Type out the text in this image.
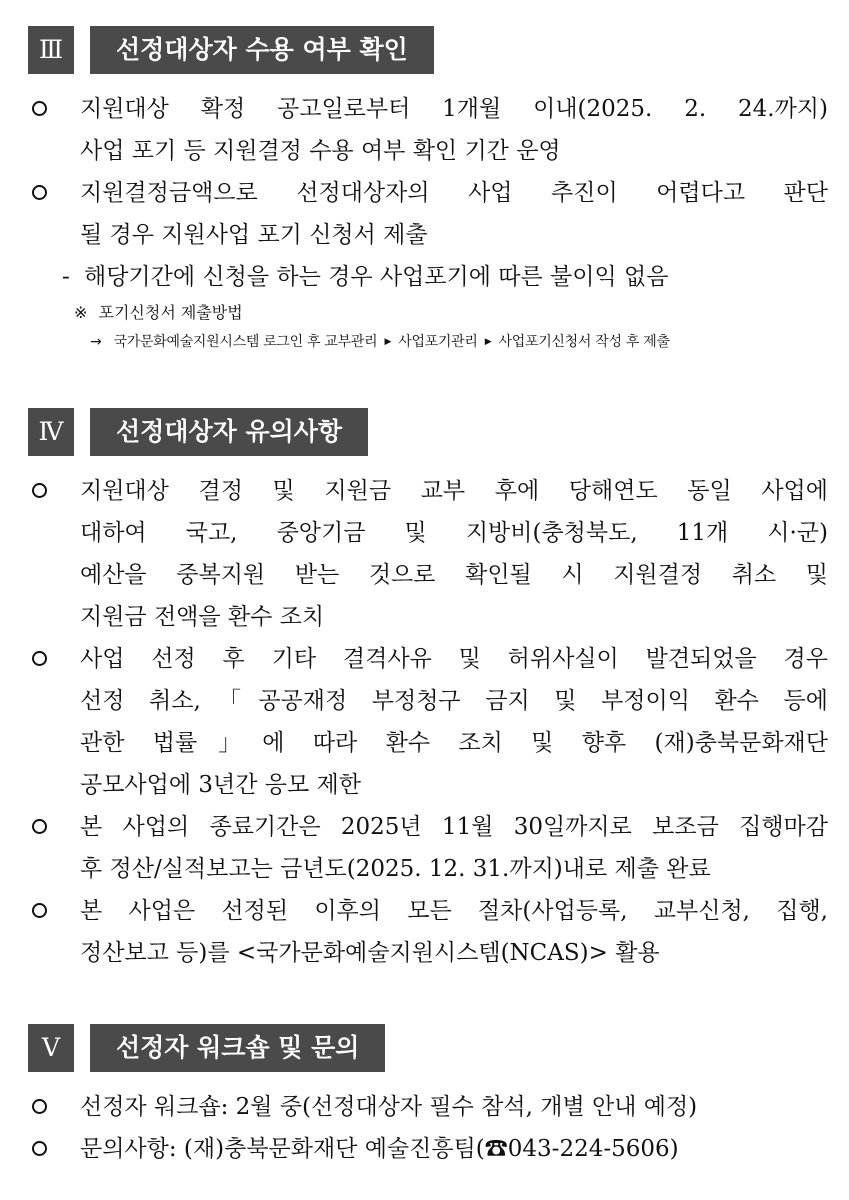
Ⅲ	선정대상자 수용 여부 확인
지원대상 확정 공고일로부터 1개월 이내(2025. 2. 24.까지)
사업 포기 등 지원결정 수용 여부 확인 기간 운영
지원결정금액으로 선정대상자의 사업 추진이 어렵다고 판단
될 경우 지원사업 포기 신청서 제출
- 해당기간에 신청을 하는 경우 사업포기에 따른 불이익 없음
※ 포기신청서 제출방법
→ 국가문화예술지원시스템 로그인 후 교부관리 ▶ 사업포기관리 ▶ 사업포기신청서 작성 후 제출
Ⅳ	선정대상자 유의사항
지원대상 결정 및 지원금 교부 후에 당해연도 동일 사업에
대하여 국고, 중앙기금 및 지방비(충청북도, 11개 시·군)
예산을 중복지원 받는 것으로 확인될 시 지원결정 취소 및
지원금 전액을 환수 조치
사업 선정 후 기타 결격사유 및 허위사실이 발견되었을 경우
선정 취소,「공공재정 부정청구 금지 및 부정이익 환수 등에
관한 법률」에 따라 환수 조치 및 향후 (재)충북문화재단
공모사업에 3년간 응모 제한
본 사업의 종료기간은 2025년 11월 30일까지로 보조금 집행마감
후 정산/실적보고는 금년도(2025. 12. 31.까지)내로 제출 완료
본 사업은 선정된 이후의 모든 절차(사업등록, 교부신청, 집행,
정산보고 등)를 <국가문화예술지원시스템(NCAS)> 활용
Ⅴ	선정자 워크숍 및 문의
선정자 워크숍: 2월 중(선정대상자 필수 참석, 개별 안내 예정)
문의사항: (재)충북문화재단 예술진흥팀(☎043-224-5606)
